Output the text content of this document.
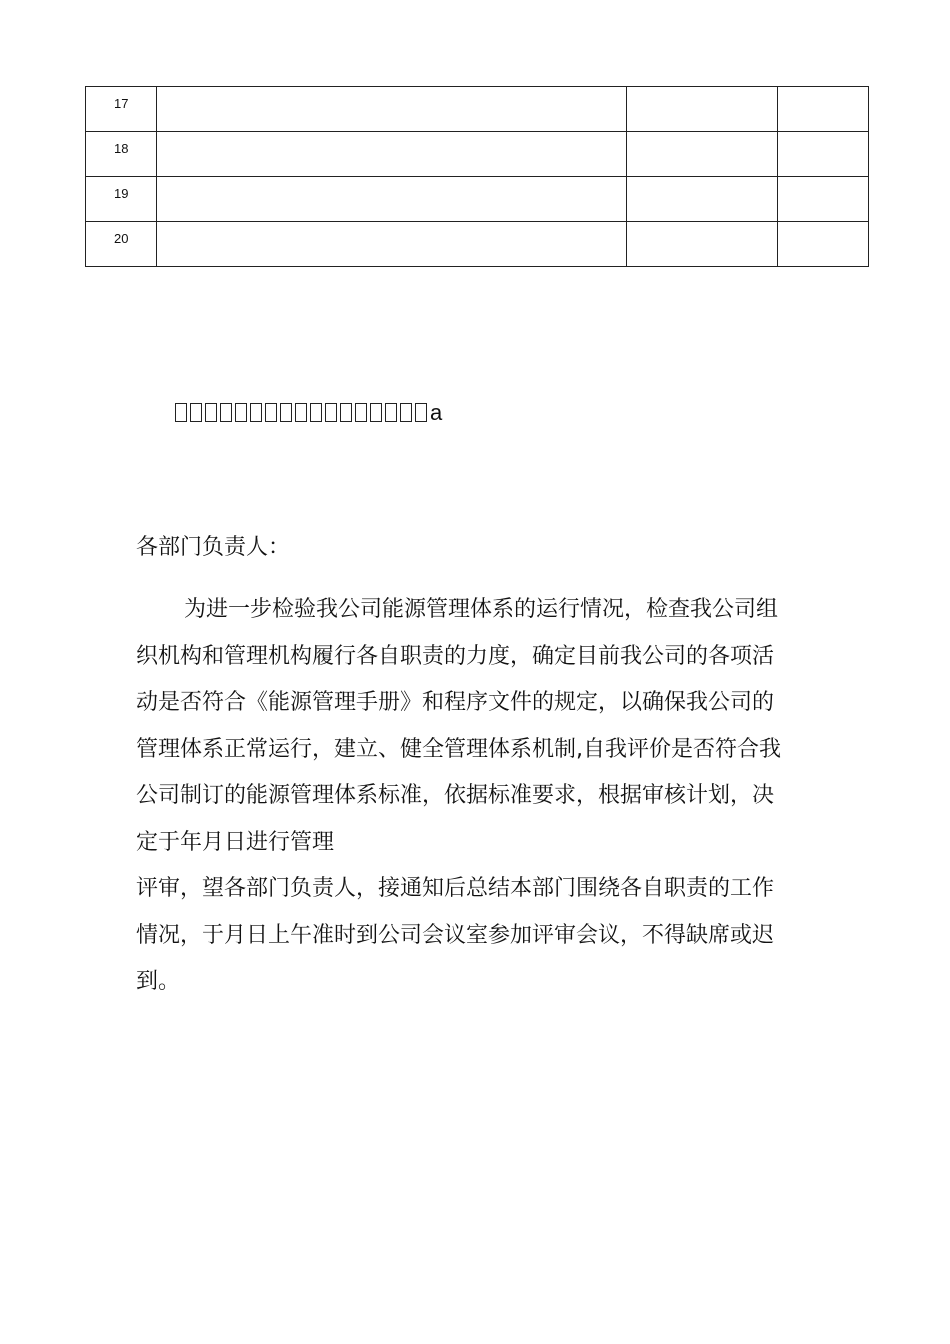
17			
18			
19			
20			
a
各部门负责人：
为进一步检验我公司能源管理体系的运行情况，检查我公司组
织机构和管理机构履行各自职责的力度，确定目前我公司的各项活
动是否符合《能源管理手册》和程序文件的规定，以确保我公司的
管理体系正常运行，建立、健全管理体系机制,自我评价是否符合我
公司制订的能源管理体系标准，依据标准要求，根据审核计划，决
定于年月日进行管理
评审，望各部门负责人，接通知后总结本部门围绕各自职责的工作
情况，于月日上午准时到公司会议室参加评审会议，不得缺席或迟
到。
